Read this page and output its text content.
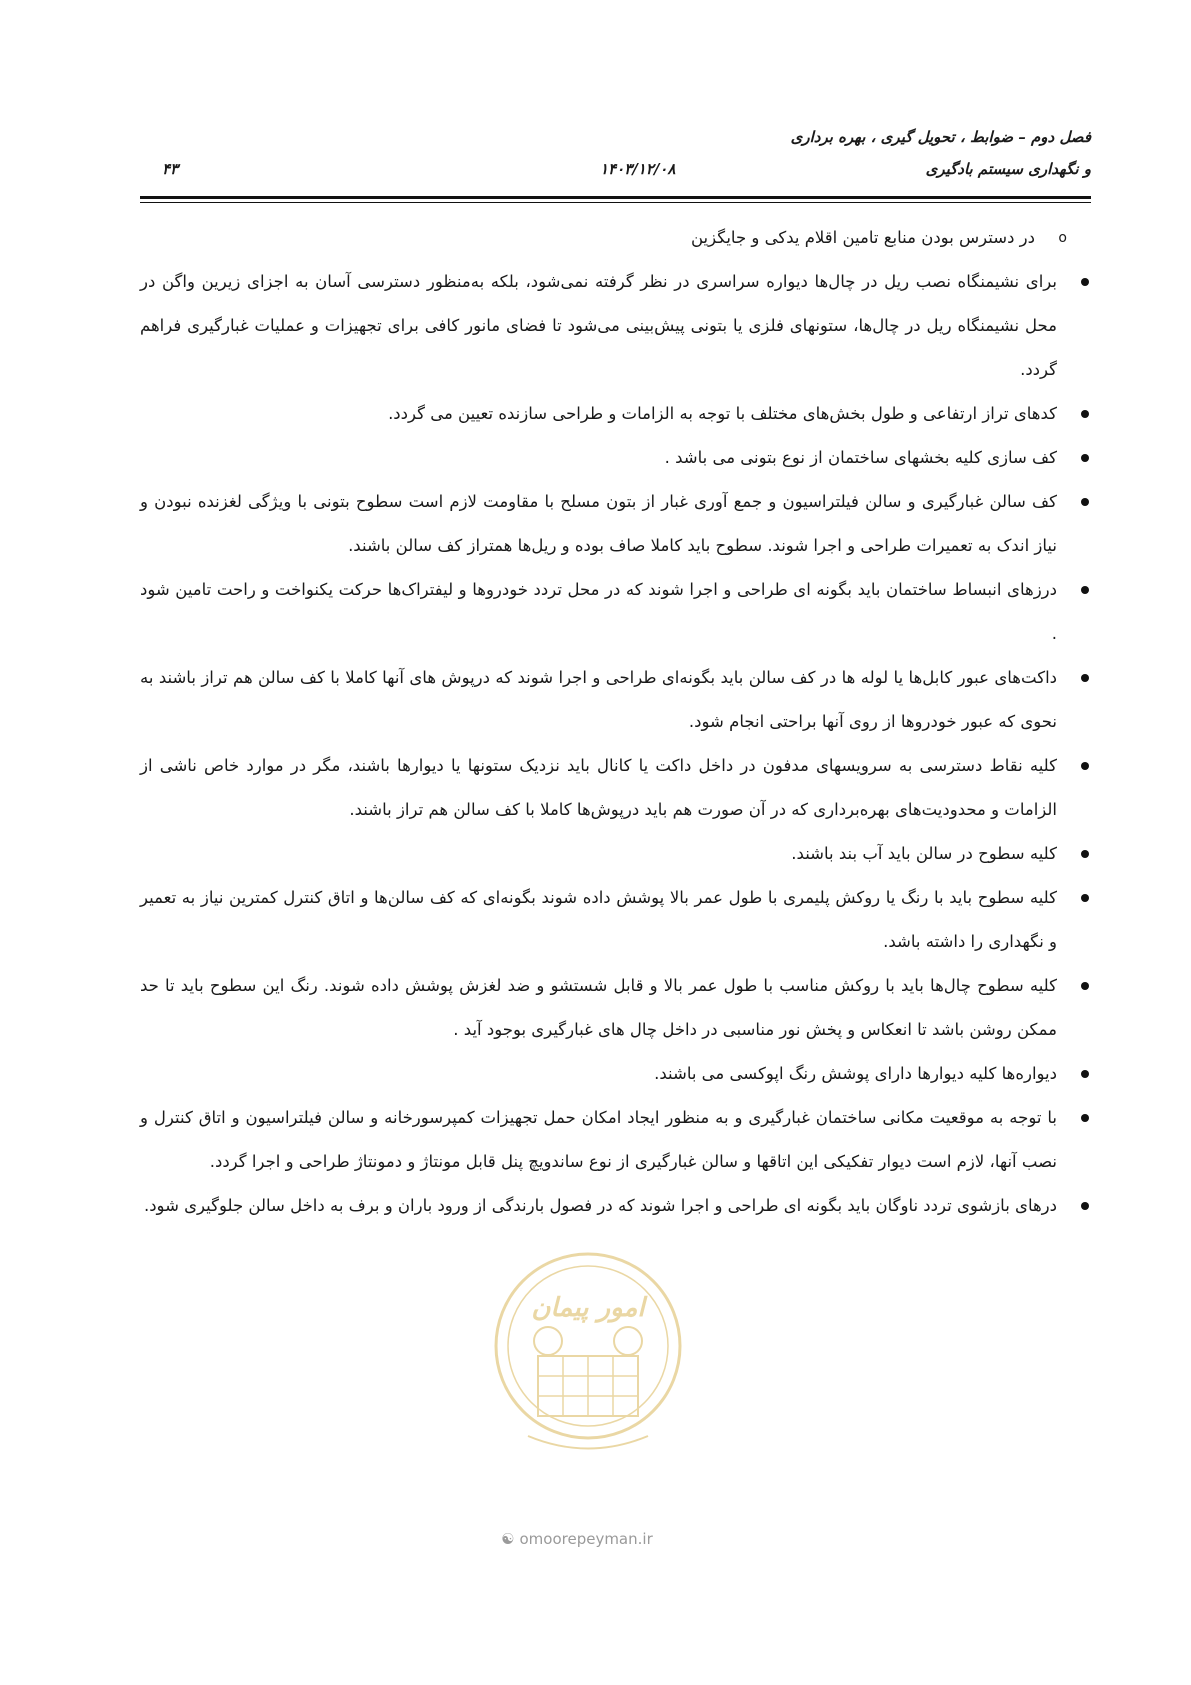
فصل دوم – ضوابط ، تحویل گیری ، بهره برداری
و نگهداری سیستم بادگیری
۱۴۰۳/۱۲/۰۸
۴۳
o
در دسترس بودن منابع تامین اقلام یدکی و جایگزین
برای نشیمنگاه نصب ریل در چال‌ها دیواره سراسری در نظر گرفته نمی‌شود، بلکه به‌منظور دسترسی آسان به اجزای زیرین واگن در محل نشیمنگاه ریل در چال‌ها، ستونهای فلزی یا بتونی پیش‌بینی می‌شود تا فضای مانور کافی برای تجهیزات و عملیات غبارگیری فراهم گردد.
کدهای تراز ارتفاعی و طول بخش‌های مختلف با توجه به الزامات و طراحی سازنده تعیین می گردد.
کف سازی کلیه بخشهای ساختمان از نوع بتونی می باشد .
کف سالن غبارگیری و سالن فیلتراسیون و جمع آوری غبار از بتون مسلح با مقاومت لازم است سطوح بتونی با ویژگی لغزنده نبودن و نیاز اندک به تعمیرات طراحی و اجرا شوند. سطوح باید کاملا صاف بوده و ریل‌ها همتراز کف سالن باشند.
درزهای انبساط ساختمان باید بگونه ای طراحی و اجرا شوند که در محل تردد خودروها و لیفتراک‌ها حرکت یکنواخت و راحت تامین شود .
داکت‌های عبور کابل‌ها یا لوله ها در کف سالن باید بگونه‌ای طراحی و اجرا شوند که درپوش های آنها کاملا با کف سالن هم تراز باشند به نحوی که عبور خودروها از روی آنها براحتی انجام شود.
کلیه نقاط دسترسی به سرویسهای مدفون در داخل داکت یا کانال باید نزدیک ستونها یا دیوارها باشند، مگر در موارد خاص ناشی از الزامات و محدودیت‌های بهره‌برداری که در آن صورت هم باید درپوش‌ها کاملا با کف سالن هم تراز باشند.
کلیه سطوح در سالن باید آب بند باشند.
کلیه سطوح باید با رنگ یا روکش پلیمری با طول عمر بالا پوشش داده شوند بگونه‌ای که کف سالن‌ها و اتاق کنترل کمترین نیاز به تعمیر و نگهداری را داشته باشد.
کلیه سطوح چال‌ها باید با روکش مناسب با طول عمر بالا و قابل شستشو و ضد لغزش پوشش داده شوند. رنگ این سطوح باید تا حد ممکن روشن باشد تا انعکاس و پخش نور مناسبی در داخل چال های غبارگیری بوجود آید .
دیواره‌ها کلیه دیوارها دارای پوشش رنگ اپوکسی می باشند.
با توجه به موقعیت مکانی ساختمان غبارگیری و به منظور ایجاد امکان حمل تجهیزات کمپرسورخانه و سالن فیلتراسیون و اتاق کنترل و نصب آنها، لازم است دیوار تفکیکی این اتاقها و سالن غبارگیری از نوع ساندویچ پنل قابل مونتاژ و دمونتاژ طراحی و اجرا گردد.
درهای بازشوی تردد ناوگان باید بگونه ای طراحی و اجرا شوند که در فصول بارندگی از ورود باران و برف به داخل سالن جلوگیری شود.
امور پیمان
☯ omoorepeyman.ir
